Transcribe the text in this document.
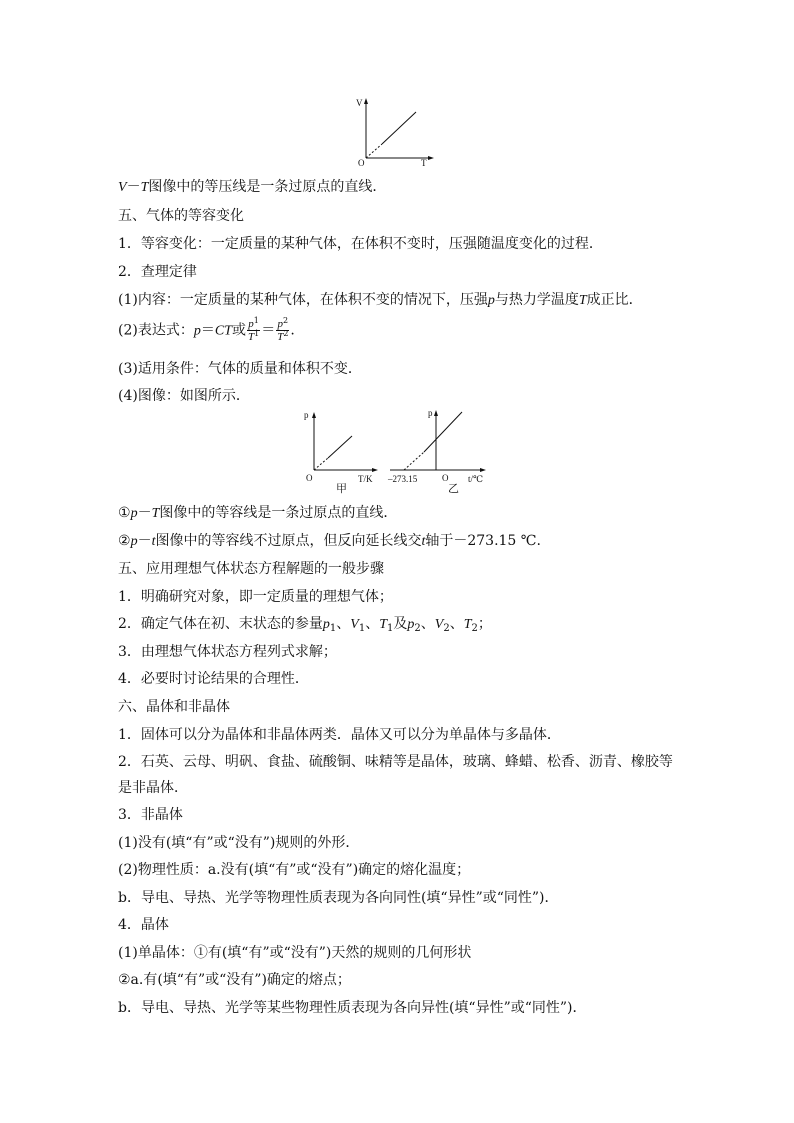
V
O	T
V－T图像中的等压线是一条过原点的直线．
五、气体的等容变化
1．等容变化：一定质量的某种气体，在体积不变时，压强随温度变化的过程．
2．查理定律
(1)内容：一定质量的某种气体，在体积不变的情况下，压强p与热力学温度T成正比．
(2)表达式：p＝CT或 $\frac{p^1}{T^1} = \frac{p^2}{T^2}$ .
(3)适用条件：气体的质量和体积不变．
(4)图像：如图所示．
p
O	T/K
甲
p
O
–273.15	t/℃
乙
①p－T图像中的等容线是一条过原点的直线．
②p－t图像中的等容线不过原点，但反向延长线交t轴于－273.15 ℃.
五、应用理想气体状态方程解题的一般步骤
1．明确研究对象，即一定质量的理想气体；
2．确定气体在初、末状态的参量$p_1$、$V_1$、$T_1$及$p_2$、$V_2$、$T_2$；
3．由理想气体状态方程列式求解；
4．必要时讨论结果的合理性．
六、晶体和非晶体
1．固体可以分为晶体和非晶体两类．晶体又可以分为单晶体与多晶体．
2．石英、云母、明矾、食盐、硫酸铜、味精等是晶体，玻璃、蜂蜡、松香、沥青、橡胶等
是非晶体．
3．非晶体
(1)没有(填“有”或“没有”)规则的外形．
(2)物理性质：a.没有(填“有”或“没有”)确定的熔化温度；
b．导电、导热、光学等物理性质表现为各向同性(填“异性”或“同性”)．
4．晶体
(1)单晶体：①有(填“有”或“没有”)天然的规则的几何形状
②a.有(填“有”或“没有”)确定的熔点；
b．导电、导热、光学等某些物理性质表现为各向异性(填“异性”或“同性”)．
